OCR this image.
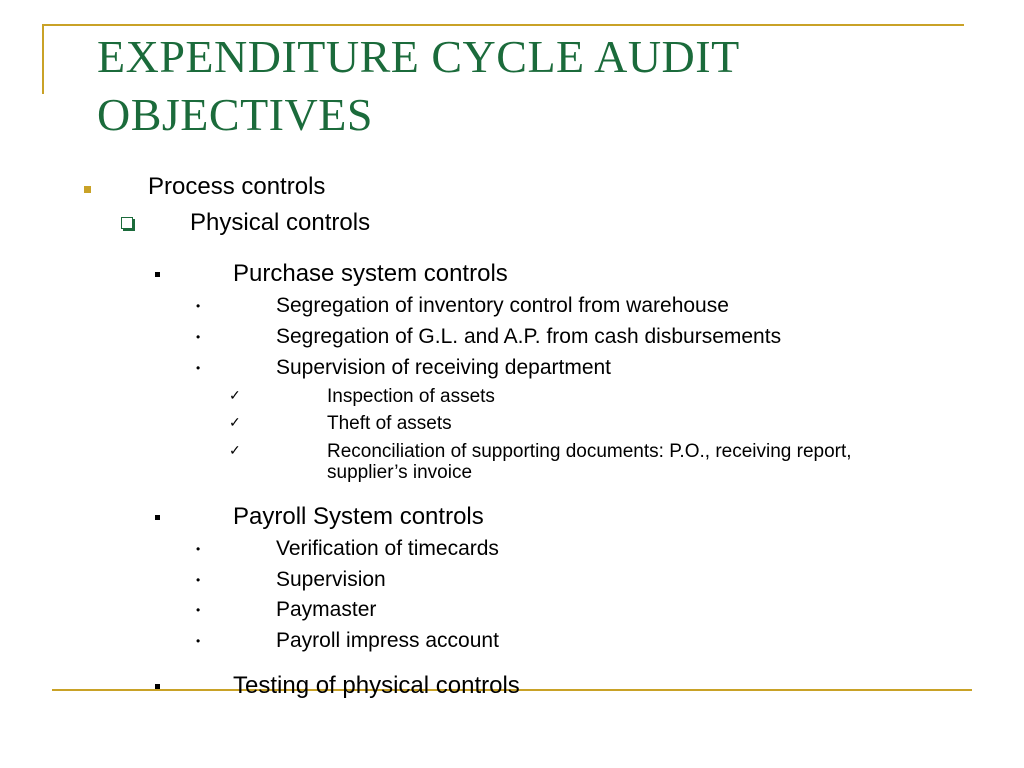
EXPENDITURE CYCLE AUDIT OBJECTIVES
Process controls
Physical controls
Purchase system controls
•	Segregation of inventory control from warehouse
•	Segregation of G.L. and A.P. from cash disbursements
•	Supervision of receiving department
✓	Inspection of assets
✓	Theft of assets
✓	Reconciliation of supporting documents: P.O., receiving report, supplier’s invoice
Payroll System controls
•	Verification of timecards
•	Supervision
•	Paymaster
•	Payroll impress account
Testing of physical controls
